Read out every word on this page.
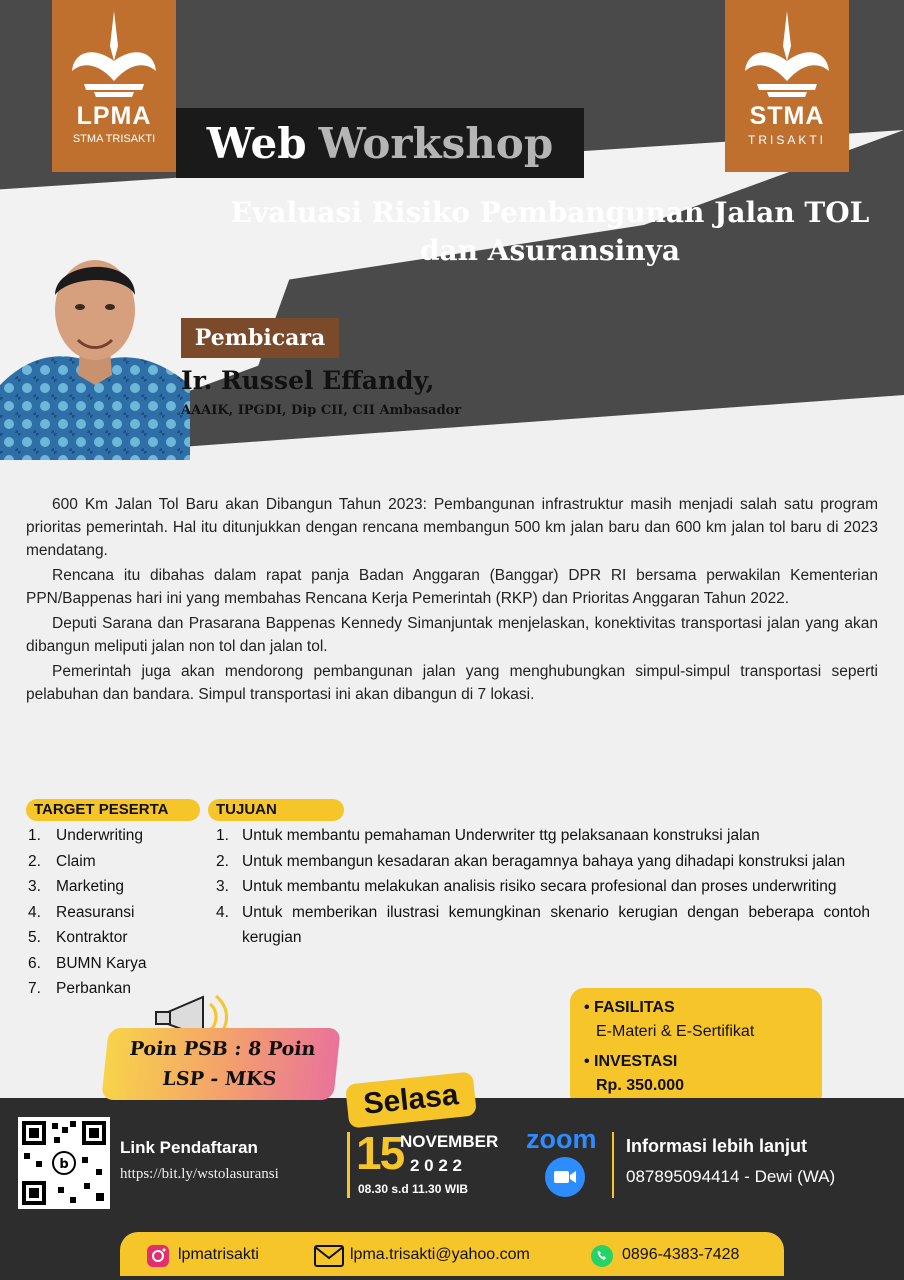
LPMA
STMA TRISAKTI
STMA
TRISAKTI
Web Workshop
Evaluasi Risiko Pembangunan Jalan TOL
dan Asuransinya
Pembicara
Ir. Russel Effandy,
AAAIK, IPGDI, Dip CII, CII Ambasador

600 Km Jalan Tol Baru akan Dibangun Tahun 2023: Pembangunan infrastruktur masih menjadi salah satu program prioritas pemerintah. Hal itu ditunjukkan dengan rencana membangun 500 km jalan baru dan 600 km jalan tol baru di 2023 mendatang.

Rencana itu dibahas dalam rapat panja Badan Anggaran (Banggar) DPR RI bersama perwakilan Kementerian PPN/Bappenas hari ini yang membahas Rencana Kerja Pemerintah (RKP) dan Prioritas Anggaran Tahun 2022.

Deputi Sarana dan Prasarana Bappenas Kennedy Simanjuntak menjelaskan, konektivitas transportasi jalan yang akan dibangun meliputi jalan non tol dan jalan tol.

Pemerintah juga akan mendorong pembangunan jalan yang menghubungkan simpul-simpul transportasi seperti pelabuhan dan bandara. Simpul transportasi ini akan dibangun di 7 lokasi.

TARGET PESERTA
1. Underwriting
2. Claim
3. Marketing
4. Reasuransi
5. Kontraktor
6. BUMN Karya
7. Perbankan
TUJUAN
1. Untuk membantu pemahaman Underwriter ttg pelaksanaan konstruksi jalan
2. Untuk membangun kesadaran akan beragamnya bahaya yang dihadapi konstruksi jalan
3. Untuk membantu melakukan analisis risiko secara profesional dan proses underwriting
4. Untuk memberikan ilustrasi kemungkinan skenario kerugian dengan beberapa contoh kerugian
• FASILITAS
E-Materi & E-Sertifikat
• INVESTASI
Rp. 350.000
Poin PSB : 8 Poin
LSP - MKS	Selasa
15
NOVEMBER
2 0 2 2
08.30 s.d 11.30 WIB
zoom
b
Link Pendaftaran
https://bit.ly/wstolasuransi
Informasi lebih lanjut
087895094414 - Dewi (WA)
lpmatrisakti	lpma.trisakti@yahoo.com	0896-4383-7428
